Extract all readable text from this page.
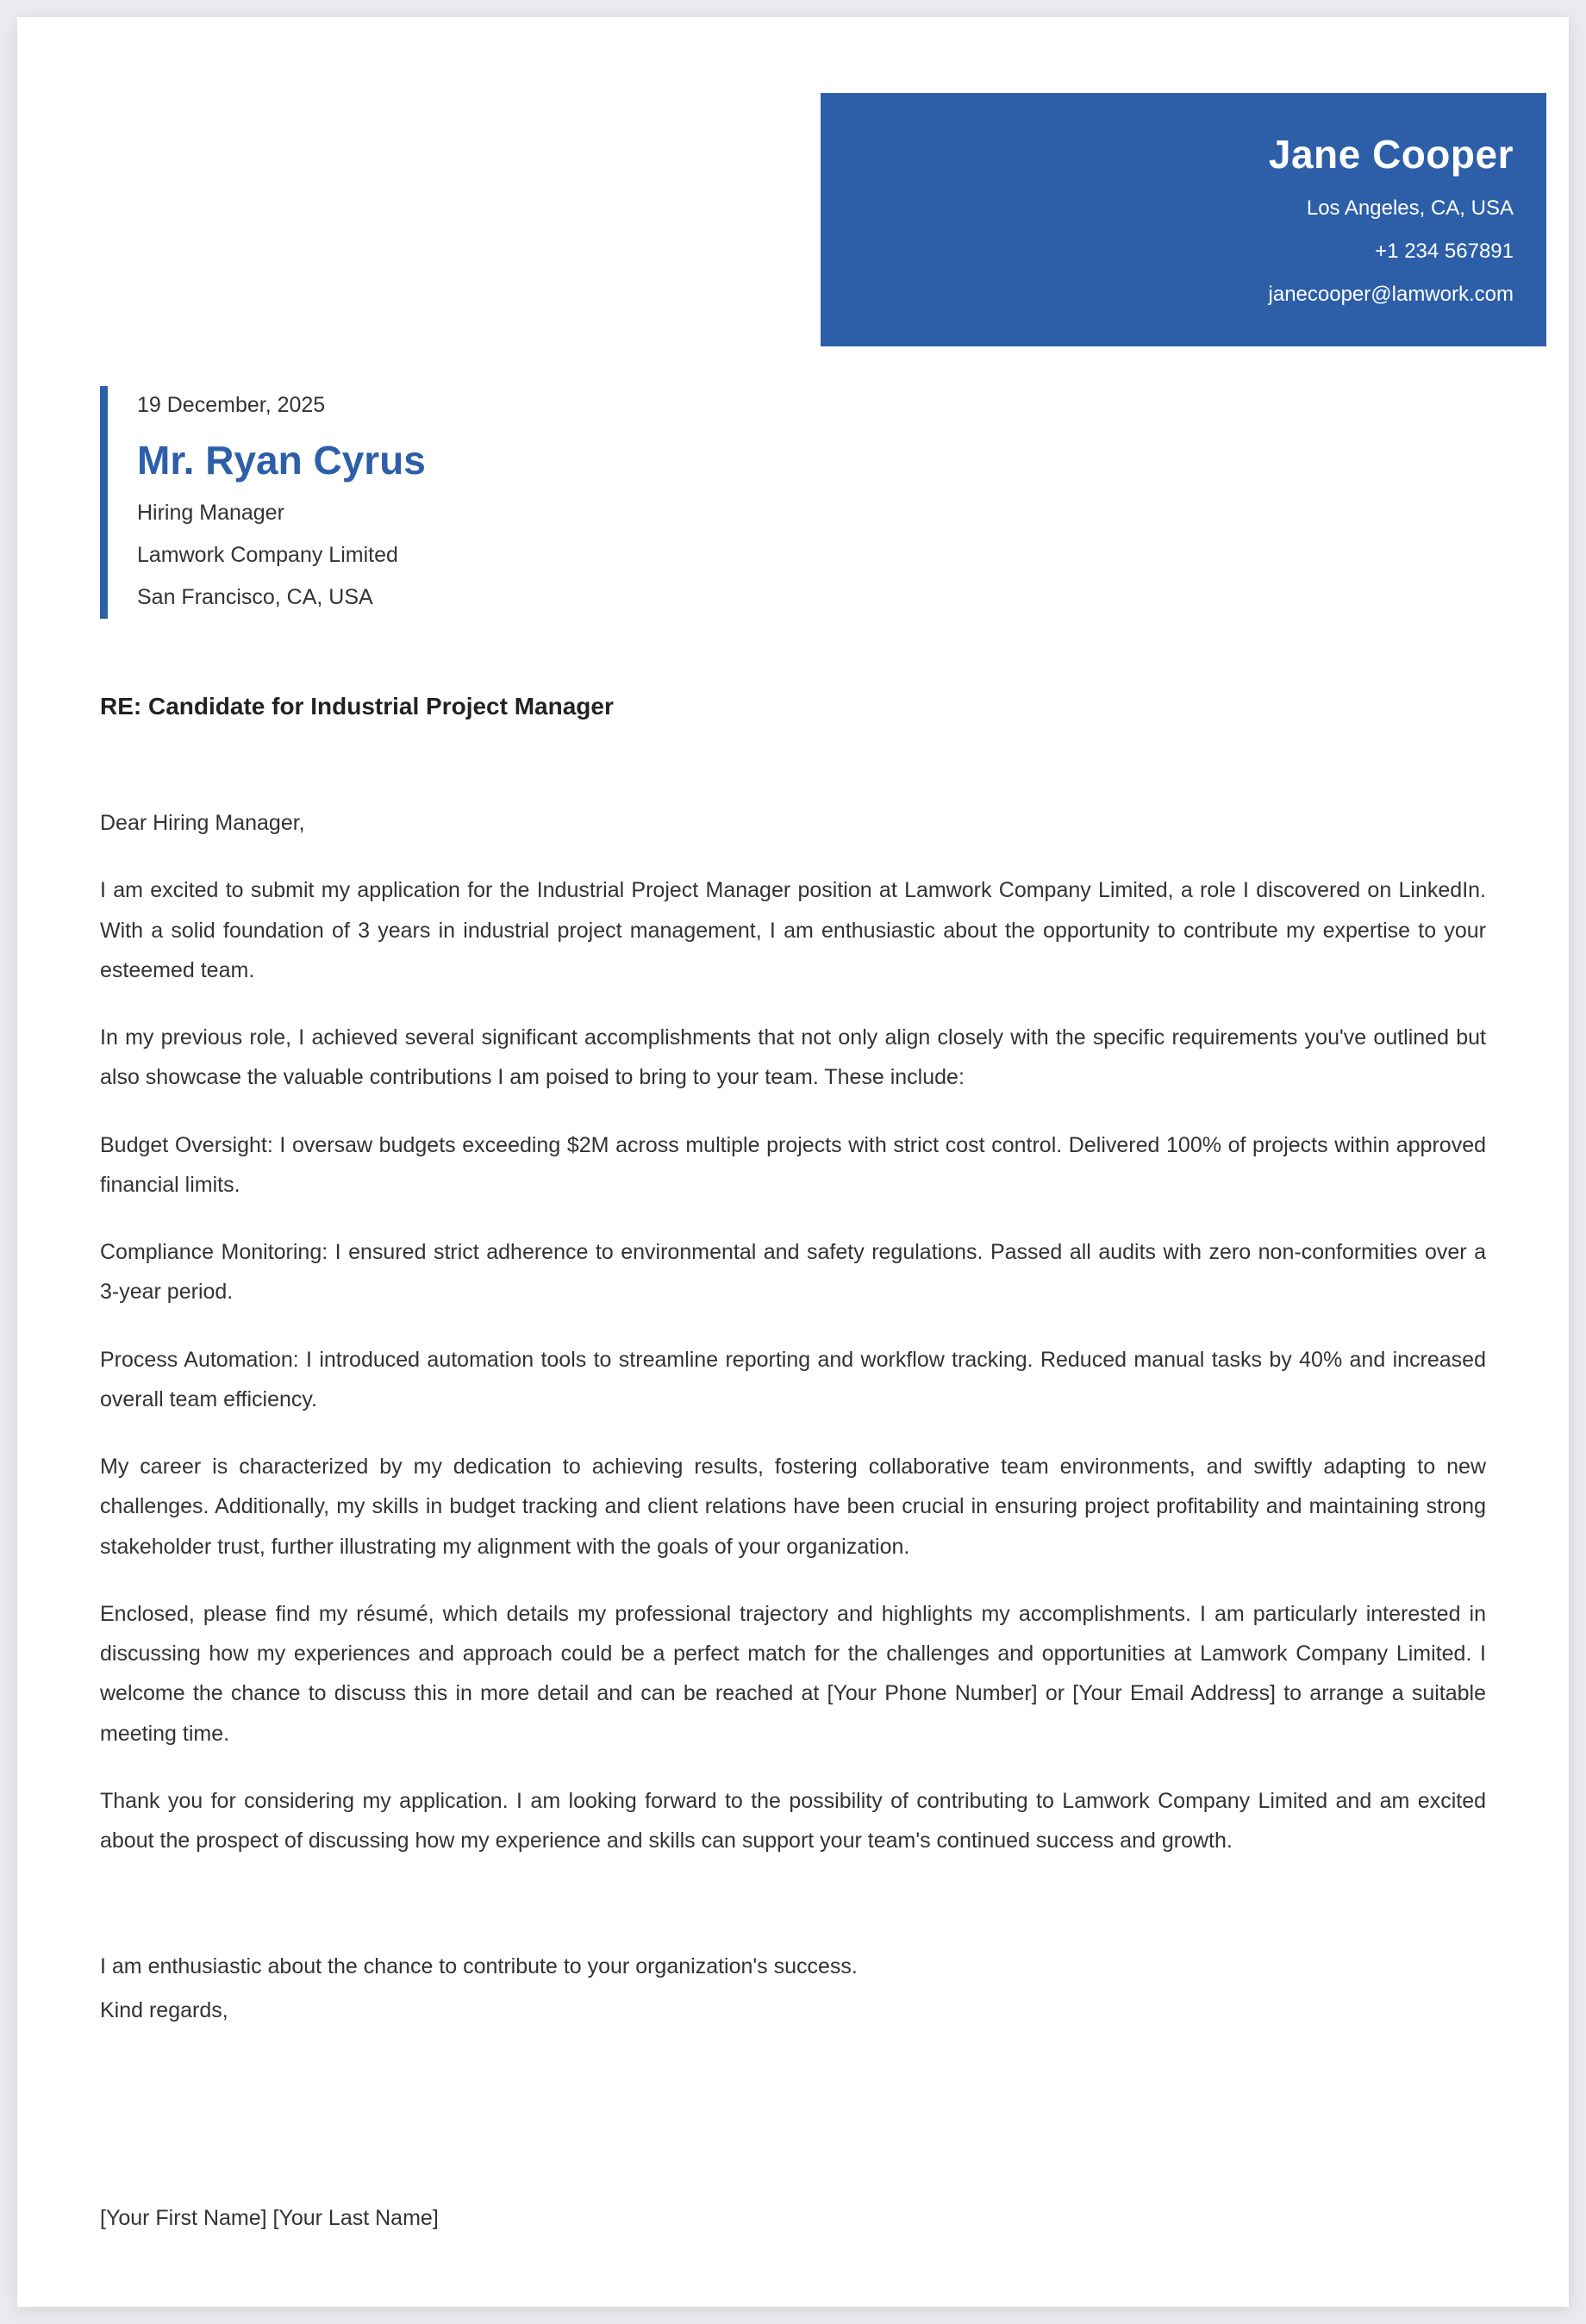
Jane Cooper
Los Angeles, CA, USA
+1 234 567891
janecooper@lamwork.com
19 December, 2025
Mr. Ryan Cyrus
Hiring Manager
Lamwork Company Limited
San Francisco, CA, USA
RE: Candidate for Industrial Project Manager

Dear Hiring Manager,

I am excited to submit my application for the Industrial Project Manager position at Lamwork Company Limited, a role I discovered on LinkedIn. With a solid foundation of 3 years in industrial project management, I am enthusiastic about the opportunity to contribute my expertise to your esteemed team.

In my previous role, I achieved several significant accomplishments that not only align closely with the specific requirements you've outlined but also showcase the valuable contributions I am poised to bring to your team. These include:

Budget Oversight: I oversaw budgets exceeding $2M across multiple projects with strict cost control. Delivered 100% of projects within approved financial limits.

Compliance Monitoring: I ensured strict adherence to environmental and safety regulations. Passed all audits with zero non-conformities over a 3-year period.

Process Automation: I introduced automation tools to streamline reporting and workflow tracking. Reduced manual tasks by 40% and increased overall team efficiency.

My career is characterized by my dedication to achieving results, fostering collaborative team environments, and swiftly adapting to new challenges. Additionally, my skills in budget tracking and client relations have been crucial in ensuring project profitability and maintaining strong stakeholder trust, further illustrating my alignment with the goals of your organization.

Enclosed, please find my résumé, which details my professional trajectory and highlights my accomplishments. I am particularly interested in discussing how my experiences and approach could be a perfect match for the challenges and opportunities at Lamwork Company Limited. I welcome the chance to discuss this in more detail and can be reached at [Your Phone Number] or [Your Email Address] to arrange a suitable meeting time.

Thank you for considering my application. I am looking forward to the possibility of contributing to Lamwork Company Limited and am excited about the prospect of discussing how my experience and skills can support your team's continued success and growth.

I am enthusiastic about the chance to contribute to your organization's success.
Kind regards,
[Your First Name] [Your Last Name]
